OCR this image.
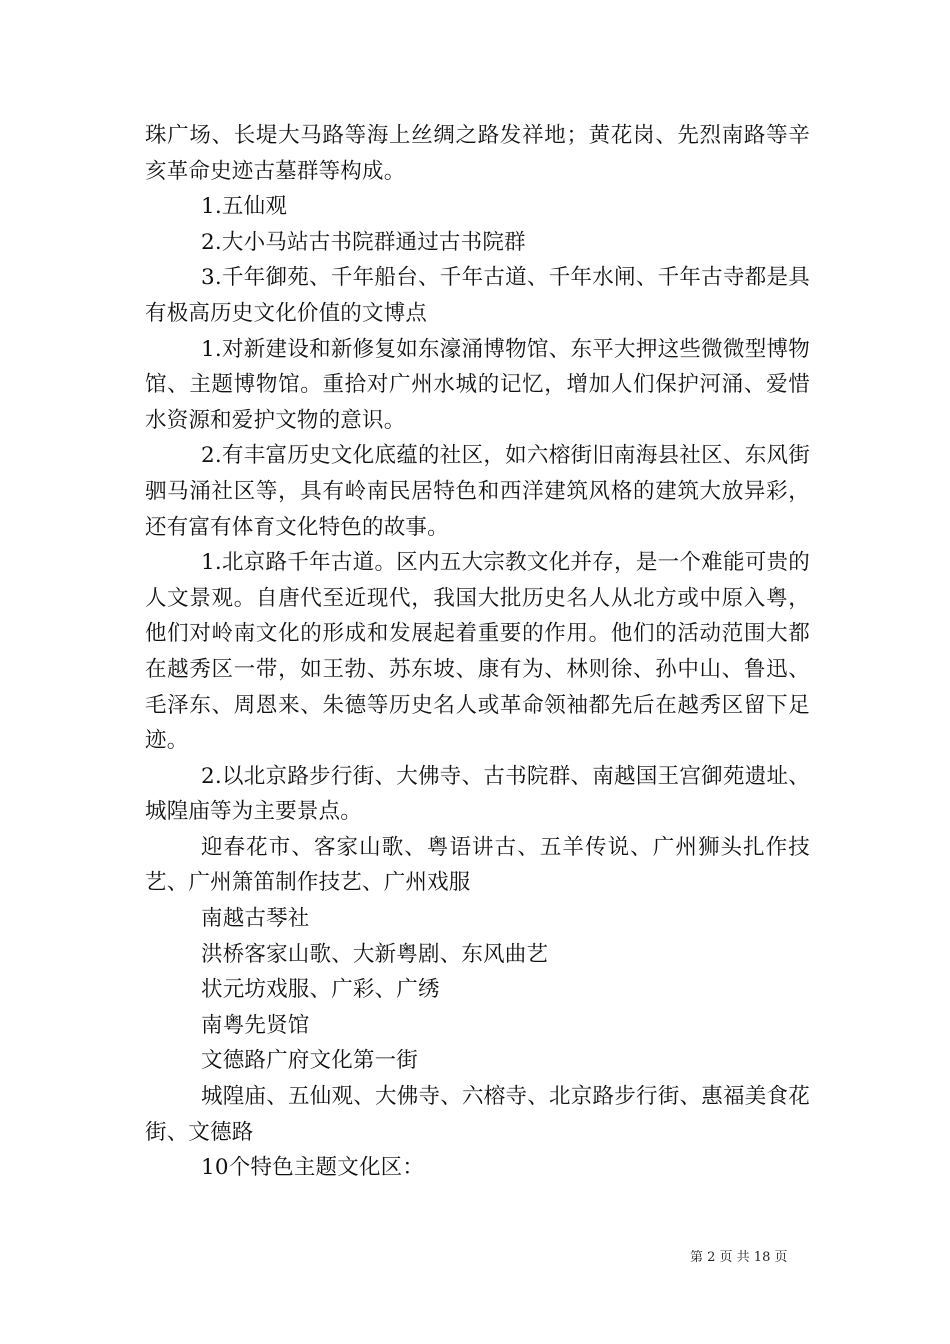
珠广场、长堤大马路等海上丝绸之路发祥地；黄花岗、先烈南路等辛亥革命史迹古墓群等构成。

1.五仙观

2.大小马站古书院群通过古书院群

3.千年御苑、千年船台、千年古道、千年水闸、千年古寺都是具有极高历史文化价值的文博点

1.对新建设和新修复如东濠涌博物馆、东平大押这些微微型博物馆、主题博物馆。重拾对广州水城的记忆，增加人们保护河涌、爱惜水资源和爱护文物的意识。

2.有丰富历史文化底蕴的社区，如六榕街旧南海县社区、东风街驷马涌社区等，具有岭南民居特色和西洋建筑风格的建筑大放异彩，还有富有体育文化特色的故事。

1.北京路千年古道。区内五大宗教文化并存，是一个难能可贵的人文景观。自唐代至近现代，我国大批历史名人从北方或中原入粤，他们对岭南文化的形成和发展起着重要的作用。他们的活动范围大都在越秀区一带，如王勃、苏东坡、康有为、林则徐、孙中山、鲁迅、毛泽东、周恩来、朱德等历史名人或革命领袖都先后在越秀区留下足迹。

2.以北京路步行街、大佛寺、古书院群、南越国王宫御苑遗址、城隍庙等为主要景点。

迎春花市、客家山歌、粤语讲古、五羊传说、广州狮头扎作技艺、广州箫笛制作技艺、广州戏服

南越古琴社

洪桥客家山歌、大新粤剧、东风曲艺

状元坊戏服、广彩、广绣

南粤先贤馆

文德路广府文化第一街

城隍庙、五仙观、大佛寺、六榕寺、北京路步行街、惠福美食花街、文德路

10个特色主题文化区：

第 2 页 共 18 页
